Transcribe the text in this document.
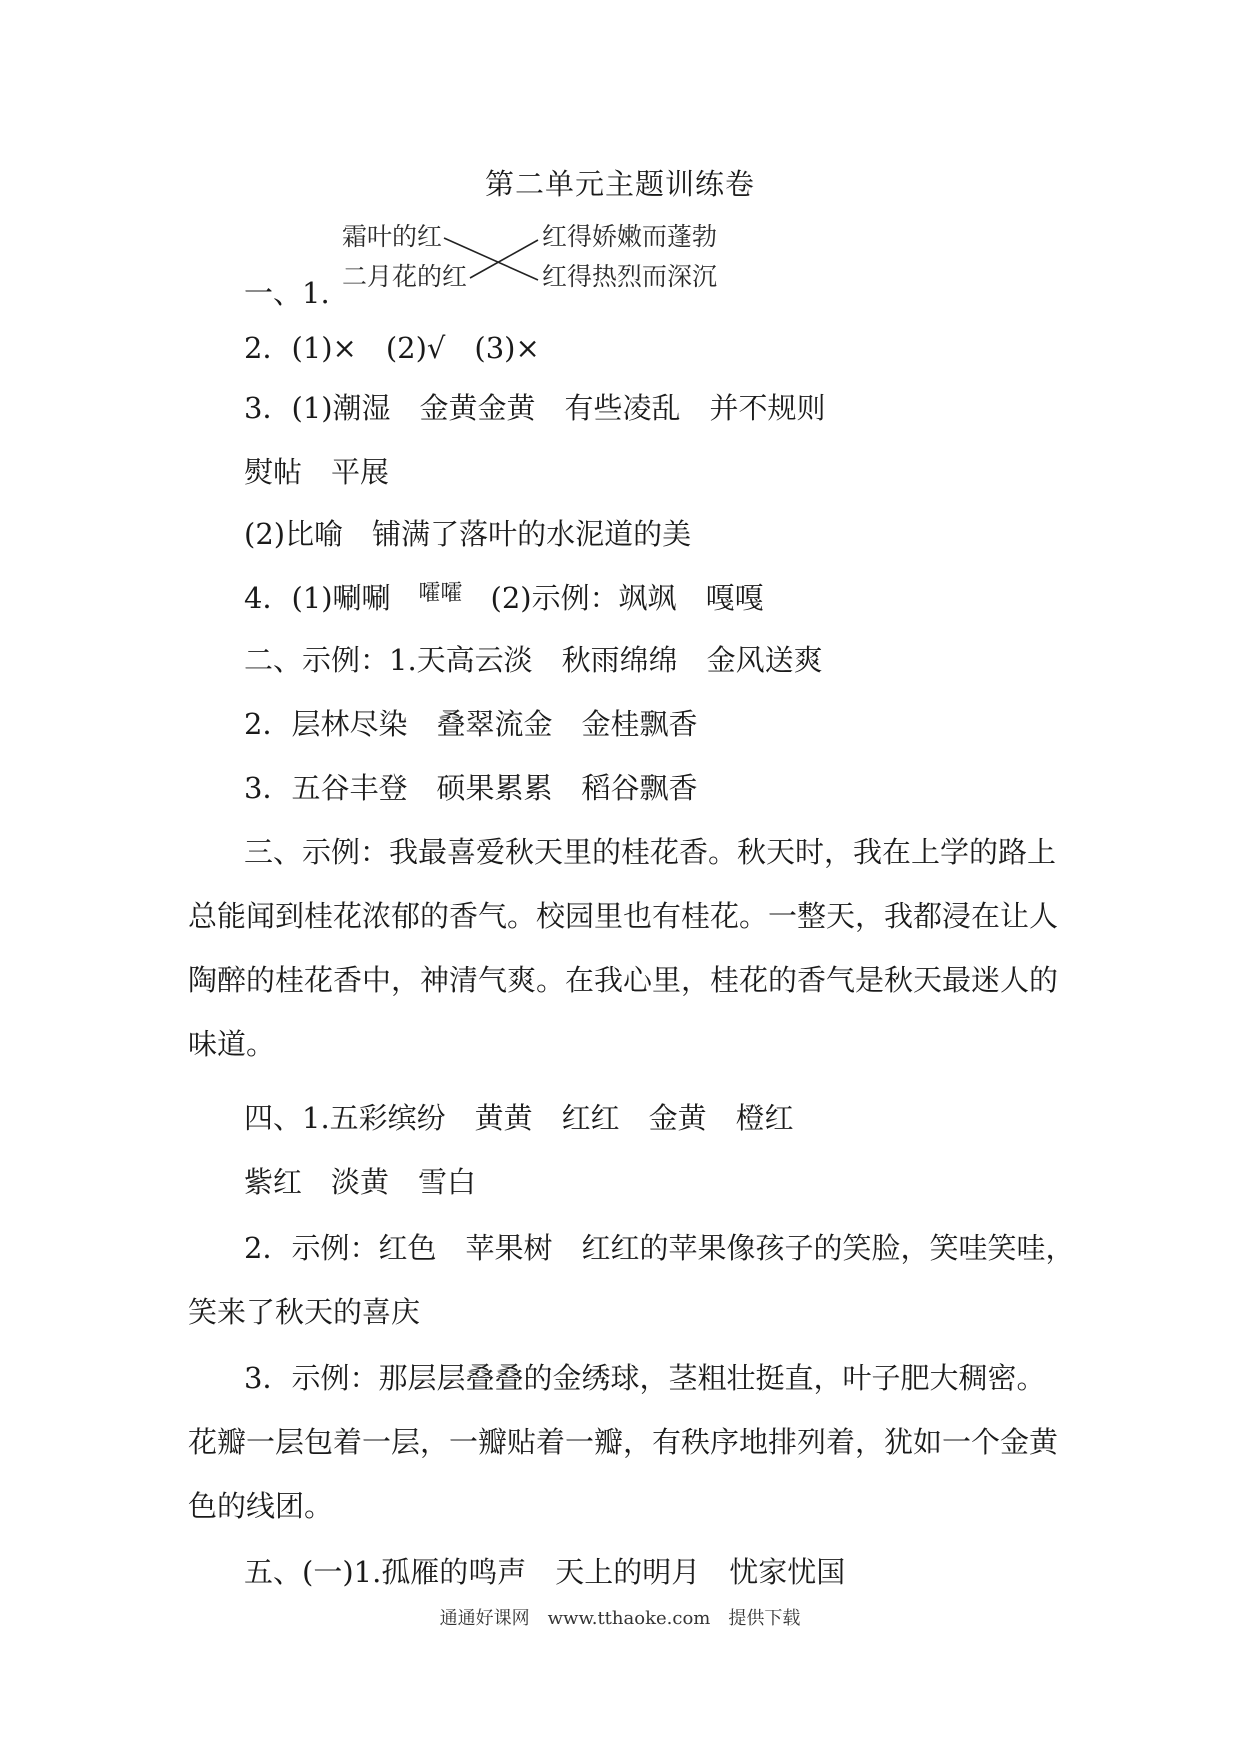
第二单元主题训练卷
一、1.
霜叶的红
二月花的红
红得娇嫩而蓬勃
红得热烈而深沉
2．(1)×　(2)√　(3)×
3．(1)潮湿　金黄金黄　有些凌乱　并不规则
熨帖　平展
(2)比喻　铺满了落叶的水泥道的美
4．(1)唰唰 $^{嚯嚯}$ (2)示例：飒飒　嘎嘎
二、示例：1.天高云淡　秋雨绵绵　金风送爽
2．层林尽染　叠翠流金　金桂飘香
3．五谷丰登　硕果累累　稻谷飘香
三、示例：我最喜爱秋天里的桂花香。秋天时，我在上学的路上
总能闻到桂花浓郁的香气。校园里也有桂花。一整天，我都浸在让人
陶醉的桂花香中，神清气爽。在我心里，桂花的香气是秋天最迷人的
味道。
四、1.五彩缤纷　黄黄　红红　金黄　橙红
紫红　淡黄　雪白
2．示例：红色　苹果树　红红的苹果像孩子的笑脸，笑哇笑哇，
笑来了秋天的喜庆
3．示例：那层层叠叠的金绣球，茎粗壮挺直，叶子肥大稠密。
花瓣一层包着一层，一瓣贴着一瓣，有秩序地排列着，犹如一个金黄
色的线团。
五、(一)1.孤雁的鸣声　天上的明月　忧家忧国
通通好课网　www.tthaoke.com　提供下载
